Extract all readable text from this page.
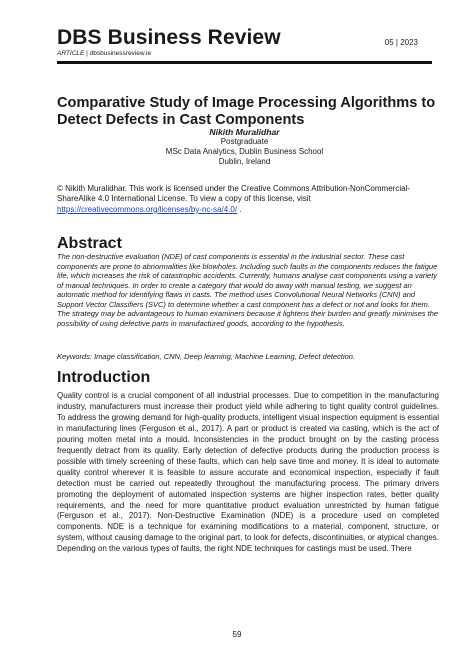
DBS Business Review	05 | 2023
ARTICLE | dbsbusinessreview.ie
Comparative Study of Image Processing Algorithms to Detect Defects in Cast Components
Nikith Muralidhar
Postgraduate
MSc Data Analytics, Dublin Business School
Dublin, Ireland
© Nikith Muralidhar. This work is licensed under the Creative Commons Attribution-NonCommercial-ShareAlike 4.0 International License. To view a copy of this license, visit https://creativecommons.org/licenses/by-nc-sa/4.0/ .
Abstract
The non-destructive evaluation (NDE) of cast components is essential in the industrial sector. These cast components are prone to abnormalities like blowholes. Including such faults in the components reduces the fatigue life, which increases the risk of catastrophic accidents. Currently, humans analyse cast components using a variety of manual techniques. In order to create a category that would do away with manual testing, we suggest an automatic method for identifying flaws in casts. The method uses Convolutional Neural Networks (CNN) and Support Vector Classifiers (SVC) to determine whether a cast component has a defect or not and looks for them. The strategy may be advantageous to human examiners because it lightens their burden and greatly minimises the possibility of using defective parts in manufactured goods, according to the hypothesis.
Keywords: Image classification, CNN, Deep learning, Machine Learning, Defect detection.
Introduction
Quality control is a crucial component of all industrial processes. Due to competition in the manufacturing industry, manufacturers must increase their product yield while adhering to tight quality control guidelines. To address the growing demand for high-quality products, intelligent visual inspection equipment is essential in manufacturing lines (Ferguson et al., 2017). A part or product is created via casting, which is the act of pouring molten metal into a mould. Inconsistencies in the product brought on by the casting process frequently detract from its quality. Early detection of defective products during the production process is possible with timely screening of these faults, which can help save time and money. It is ideal to automate quality control wherever it is feasible to assure accurate and economical inspection, especially if fault detection must be carried out repeatedly throughout the manufacturing process. The primary drivers promoting the deployment of automated inspection systems are higher inspection rates, better quality requirements, and the need for more quantitative product evaluation unrestricted by human fatigue (Ferguson et al., 2017). Non-Destructive Examination (NDE) is a procedure used on completed components. NDE is a technique for examining modifications to a material, component, structure, or system, without causing damage to the original part, to look for defects, discontinuities, or atypical changes. Depending on the various types of faults, the right NDE techniques for castings must be used. There
59
